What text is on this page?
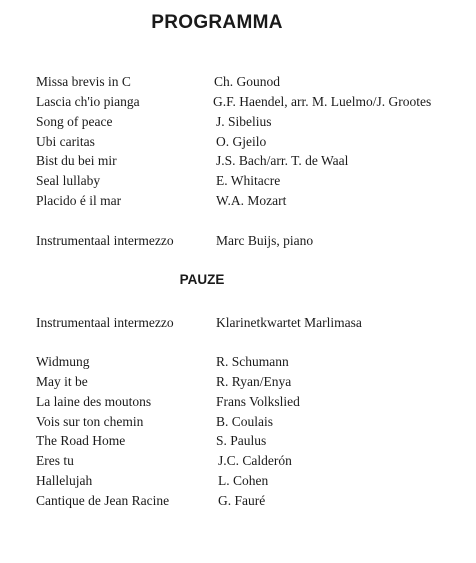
PROGRAMMA
Missa brevis in C	Ch. Gounod
Lascia ch'io pianga	G.F. Haendel, arr. M. Luelmo/J. Grootes
Song of peace	J. Sibelius
Ubi caritas	O. Gjeilo
Bist du bei mir	J.S. Bach/arr. T. de Waal
Seal lullaby	E. Whitacre
Placido é il mar	W.A. Mozart
Instrumentaal intermezzo	Marc Buijs, piano
PAUZE
Instrumentaal intermezzo	Klarinetkwartet Marlimasa
Widmung	R. Schumann
May it be	R. Ryan/Enya
La laine des moutons	Frans Volkslied
Vois sur ton chemin	B. Coulais
The Road Home	S. Paulus
Eres tu	J.C. Calderón
Hallelujah	L. Cohen
Cantique de Jean Racine	G. Fauré
